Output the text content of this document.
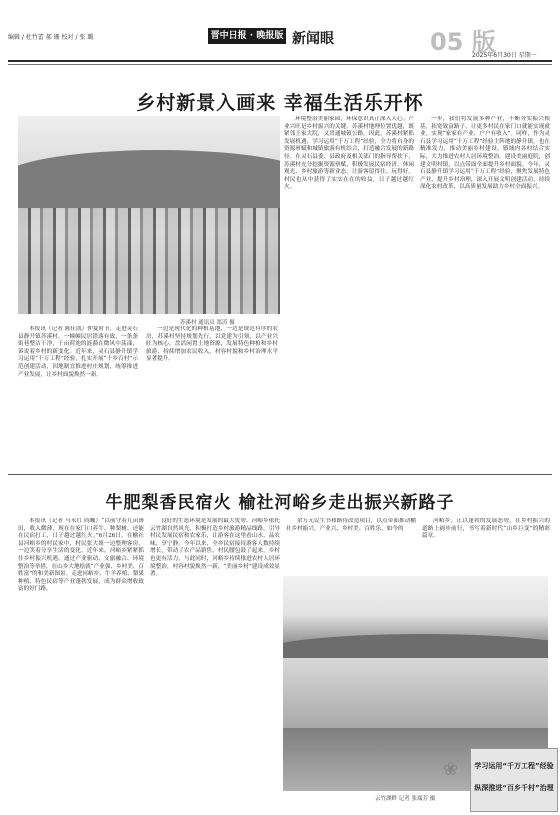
编辑 / 杜竹蕾 郝 珊 校对 / 张 璐	晋中日报 · 晚报版 新闻眼	05 版
2025年6月30日 星期一
乡村新景入画来 幸福生活乐开怀
苏溪村 通讯员 郑涛 摄

本报讯（记者 陈佳凯）仲夏时节，走进灵石县静升镇苏溪村，一幢幢民居错落有致，一条条街巷整洁干净，千亩荷池的涟漪在微风中荡漾，诉说着乡村的新变化。近年来，灵石县静升镇学习运用“千万工程”经验，扎实开展“十乡百村”示范创建活动，因地制宜推进村庄规划，统筹推进产业发展，让乡村面貌焕然一新。

一边是现代化的种植基地，一边是规范有序的农房，苏溪村坚持规划先行，以党建为引领，以产业兴旺为核心，盘活闲置土地资源，发展特色种植和乡村旅游，持续增加农民收入，村容村貌和乡村治理水平显著提升。

环境整治美丽家园，环保意识真正深入人心。产业兴旺是乡村振兴的关键。苏溪村地理位置优越，既紧邻王家大院，又贯通城镇公路。因此，苏溪村紧抓发展机遇，学习运用“千万工程”经验，全力将自身的资源禀赋和城镇旅游有机结合，打造融合发展的新路径。在灵石县委、县政府及相关部门的指导帮扶下，苏溪村充分挖掘资源禀赋，积极发展民宿经济、休闲观光、乡村旅游等新业态，让游客留得住、玩得好。村民也从中获得了实实在在的收益，日子越过越红火。

一步，我们将发展多种产业，不断夯实振兴根基，拓宽致富路子，让更多村民在家门口就能实现就业，实现“家家有产业、户户有收入”。同样，作为灵石县学习运用“千万工程”经验主阵地的静升镇，也在精准发力，推动美丽乡村建设。镇域内各村结合实际，大力推进农村人居环境整治，建设美丽庭院，创建文明村镇，以点带面全面提升乡村面貌。今年，灵石县静升镇学习运用“千万工程”经验，聚焦发展特色产业、提升乡村治理，深入开展文明创建活动，持续深化农村改革，以高质量发展助力乡村全面振兴。

牛肥梨香民宿火 榆社河峪乡走出振兴新路子

本报讯（记者 马永红 阎巍）“以前守着几亩薄田，收入微薄，现在在家门口养牛、种梨树、还能在民宿打工，日子越过越红火。”6月26日，在榆社县河峪乡的村民家中，村民张大姐一边整理客房，一边笑着分享生活的变化。近年来，河峪乡紧紧抓住乡村振兴机遇，通过产业驱动、文旅融合、环境整治等举措，在山乡大地绘就“产业强、乡村美、百姓富”的和美新图景。走进河峪乡，牛羊养殖、梨果种植、特色民宿等产业蓬勃发展，成为群众增收致富的好门路。

良好的生态环境是发展的最大优势。河峪乡依托云竹湖自然风光，积极打造乡村旅游精品线路，引导村民发展民宿和农家乐，让游客在这里看山水、品农味、享宁静。今年以来，全乡民宿接待游客人数持续增长，带动了农产品销售，村民腰包鼓了起来，乡村也更有活力。与此同时，河峪乡持续推进农村人居环境整治，村容村貌焕然一新，“美丽乡村”建设成效显著。

余万元民生书和路待改造项目，以点带面推动榆社乡村振兴。产业兴、乡村美、百姓乐。如今的

河峪乡，正以蓬勃的发展态势，在乡村振兴的道路上阔步前行，书写着新时代“山乡巨变”的精彩篇章。

云竹湖畔 记者 张瑞芳 摄
❀	学习运用“千万工程”经验
纵深推进“百乡千村”治理
